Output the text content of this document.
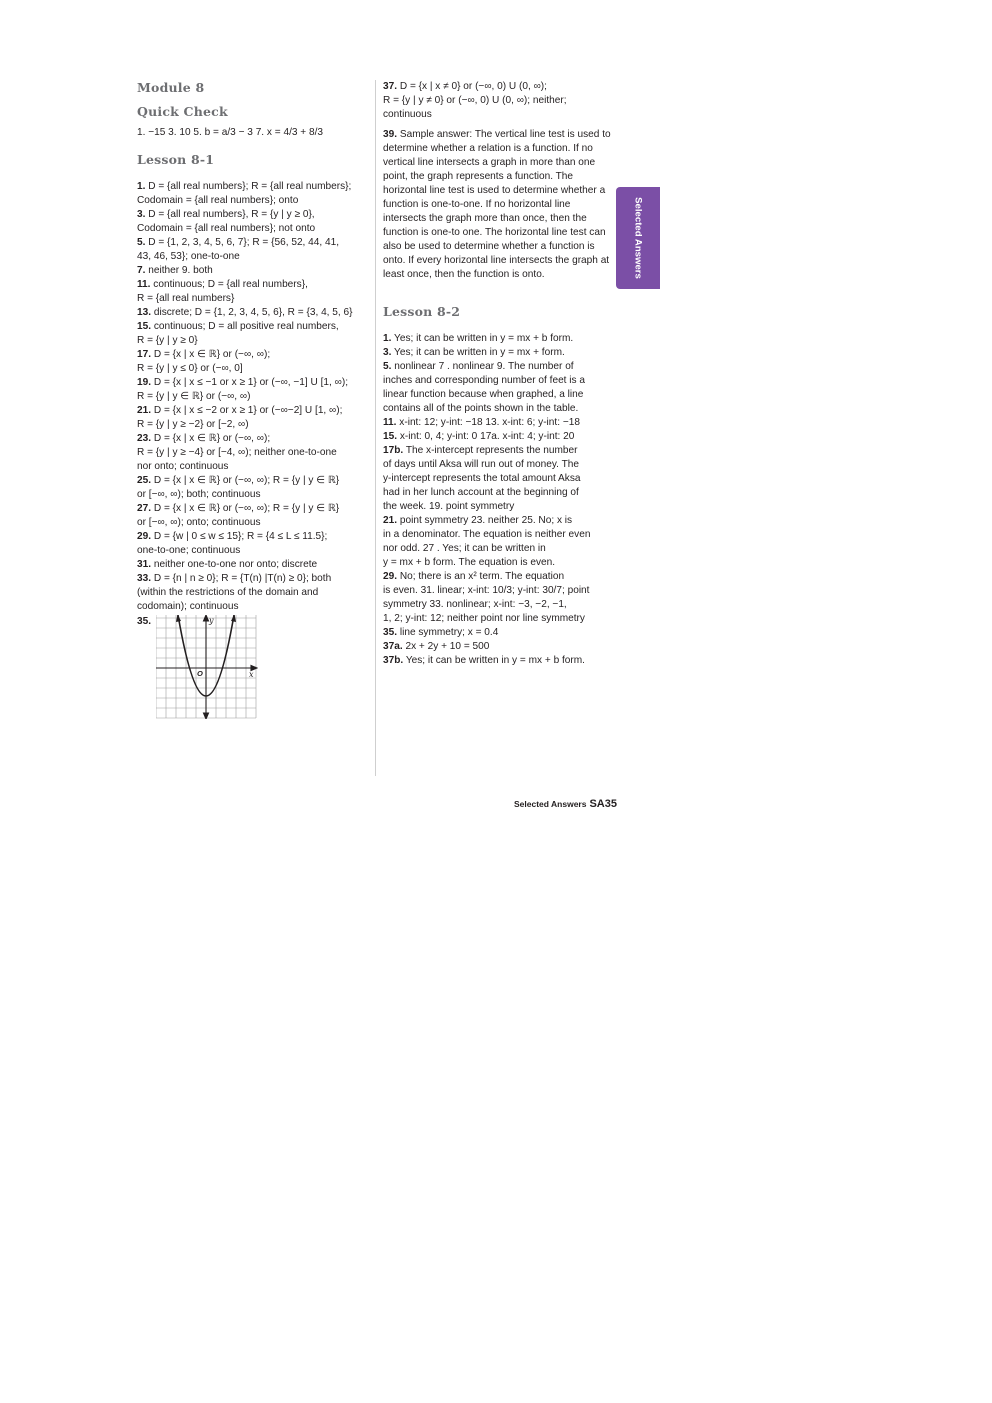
Selected Answers
Module 8
Quick Check

1. −15 3. 10 5. b = a/3 − 3 7. x = 4/3 + 8/3

Lesson 8-1

1. D = {all real numbers}; R = {all real numbers};

Codomain = {all real numbers}; onto

3. D = {all real numbers}, R = {y | y ≥ 0},

Codomain = {all real numbers}; not onto

5. D = {1, 2, 3, 4, 5, 6, 7}; R = {56, 52, 44, 41,

43, 46, 53}; one-to-one

7. neither 9. both

11. continuous; D = {all real numbers},

R = {all real numbers}

13. discrete; D = {1, 2, 3, 4, 5, 6}, R = {3, 4, 5, 6}

15. continuous; D = all positive real numbers,

R = {y | y ≥ 0}

17. D = {x | x ∈ ℝ} or (−∞, ∞);

R = {y | y ≤ 0} or (−∞, 0]

19. D = {x | x ≤ −1 or x ≥ 1} or (−∞, −1] U [1, ∞);

R = {y | y ∈ ℝ} or (−∞, ∞)

21. D = {x | x ≤ −2 or x ≥ 1} or (−∞−2] U [1, ∞);

R = {y | y ≥ −2} or [−2, ∞)

23. D = {x | x ∈ ℝ} or (−∞, ∞);

R = {y | y ≥ −4} or [−4, ∞); neither one-to-one

nor onto; continuous

25. D = {x | x ∈ ℝ} or (−∞, ∞); R = {y | y ∈ ℝ}

or [−∞, ∞); both; continuous

27. D = {x | x ∈ ℝ} or (−∞, ∞); R = {y | y ∈ ℝ}

or [−∞, ∞); onto; continuous

29. D = {w | 0 ≤ w ≤ 15}; R = {4 ≤ L ≤ 11.5};

one-to-one; continuous

31. neither one-to-one nor onto; discrete

33. D = {n | n ≥ 0}; R = {T(n) |T(n) ≥ 0}; both

(within the restrictions of the domain and

codomain); continuous

35.	y
x
O

37. D = {x | x ≠ 0} or (−∞, 0) U (0, ∞);

R = {y | y ≠ 0} or (−∞, 0) U (0, ∞); neither;

continuous

39. Sample answer: The vertical line test is used to determine whether a relation is a function. If no vertical line intersects a graph in more than one point, the graph represents a function. The horizontal line test is used to determine whether a function is one-to-one. If no horizontal line intersects the graph more than once, then the function is one-to one. The horizontal line test can also be used to determine whether a function is onto. If every horizontal line intersects the graph at least once, then the function is onto.

Lesson 8-2

1. Yes; it can be written in y = mx + b form.

3. Yes; it can be written in y = mx + form.

5. nonlinear 7 . nonlinear 9. The number of

inches and corresponding number of feet is a

linear function because when graphed, a line

contains all of the points shown in the table.

11. x-int: 12; y-int: −18 13. x-int: 6; y-int: −18

15. x-int: 0, 4; y-int: 0 17a. x-int: 4; y-int: 20

17b. The x-intercept represents the number

of days until Aksa will run out of money. The

y-intercept represents the total amount Aksa

had in her lunch account at the beginning of

the week. 19. point symmetry

21. point symmetry 23. neither 25. No; x is

in a denominator. The equation is neither even

nor odd. 27 . Yes; it can be written in

y = mx + b form. The equation is even.

29. No; there is an x² term. The equation

is even. 31. linear; x-int: 10/3; y-int: 30/7; point

symmetry 33. nonlinear; x-int: −3, −2, −1,

1, 2; y-int: 12; neither point nor line symmetry

35. line symmetry; x = 0.4

37a. 2x + 2y + 10 = 500

37b. Yes; it can be written in y = mx + b form.

Selected Answers SA35
